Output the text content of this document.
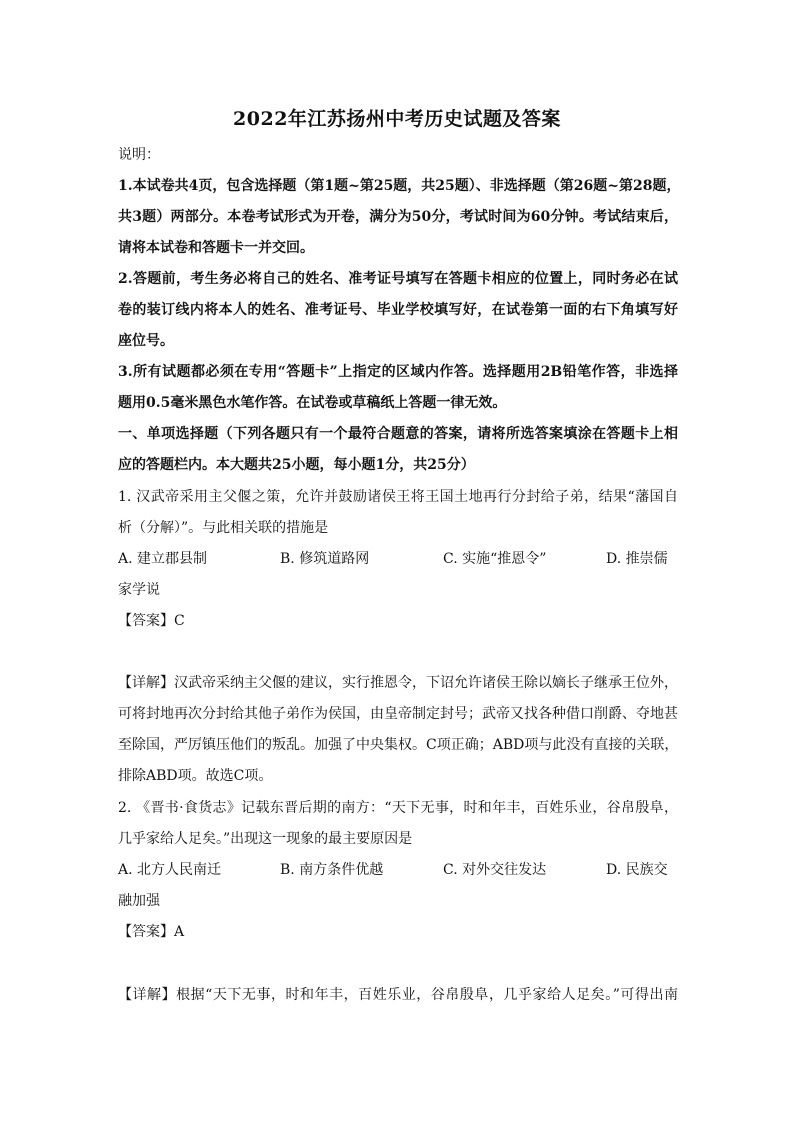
2022年江苏扬州中考历史试题及答案
说明：
1.本试卷共4页，包含选择题（第1题~第25题，共25题）、非选择题（第26题~第28题，
共3题）两部分。本卷考试形式为开卷，满分为50分，考试时间为60分钟。考试结束后，
请将本试卷和答题卡一并交回。
2.答题前，考生务必将自己的姓名、准考证号填写在答题卡相应的位置上，同时务必在试
卷的装订线内将本人的姓名、准考证号、毕业学校填写好，在试卷第一面的右下角填写好
座位号。
3.所有试题都必须在专用“答题卡”上指定的区域内作答。选择题用2B铅笔作答，非选择
题用0.5毫米黑色水笔作答。在试卷或草稿纸上答题一律无效。
一、单项选择题（下列各题只有一个最符合题意的答案，请将所选答案填涂在答题卡上相
应的答题栏内。本大题共25小题，每小题1分，共25分）
1. 汉武帝采用主父偃之策，允许并鼓励诸侯王将王国土地再行分封给子弟，结果“藩国自
析（分解）”。与此相关联的措施是
A. 建立郡县制	B. 修筑道路网	C. 实施“推恩令”	D. 推崇儒
家学说
【答案】C
【详解】汉武帝采纳主父偃的建议，实行推恩令，下诏允许诸侯王除以嫡长子继承王位外，
可将封地再次分封给其他子弟作为侯国，由皇帝制定封号；武帝又找各种借口削爵、夺地甚
至除国，严厉镇压他们的叛乱。加强了中央集权。C项正确；ABD项与此没有直接的关联，
排除ABD项。故选C项。
2. 《晋书·食货志》记载东晋后期的南方：“天下无事，时和年丰，百姓乐业，谷帛殷阜，
几乎家给人足矣。”出现这一现象的最主要原因是
A. 北方人民南迁	B. 南方条件优越	C. 对外交往发达	D. 民族交
融加强
【答案】A
【详解】根据“天下无事，时和年丰，百姓乐业，谷帛殷阜，几乎家给人足矣。”可得出南
